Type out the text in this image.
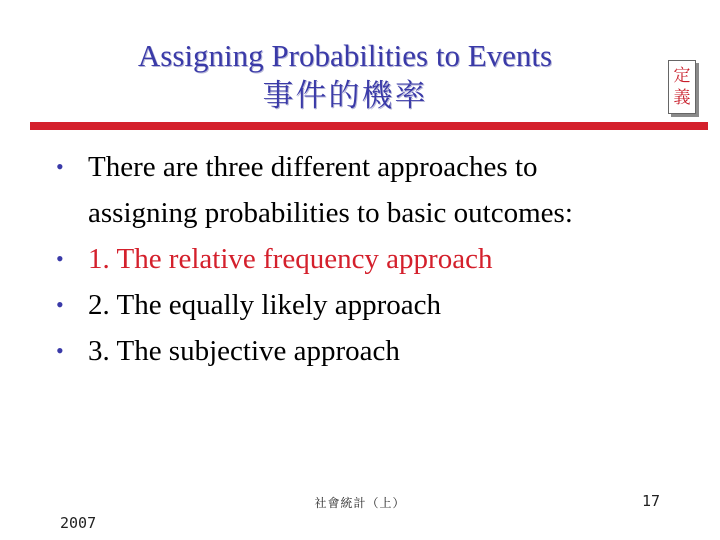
Assigning Probabilities to Events
事件的機率
定
義
• There are three different approaches to
assigning probabilities to basic outcomes:
• 1. The relative frequency approach
• 2. The equally likely approach
• 3. The subjective approach
社會統計（上）	17
2007
